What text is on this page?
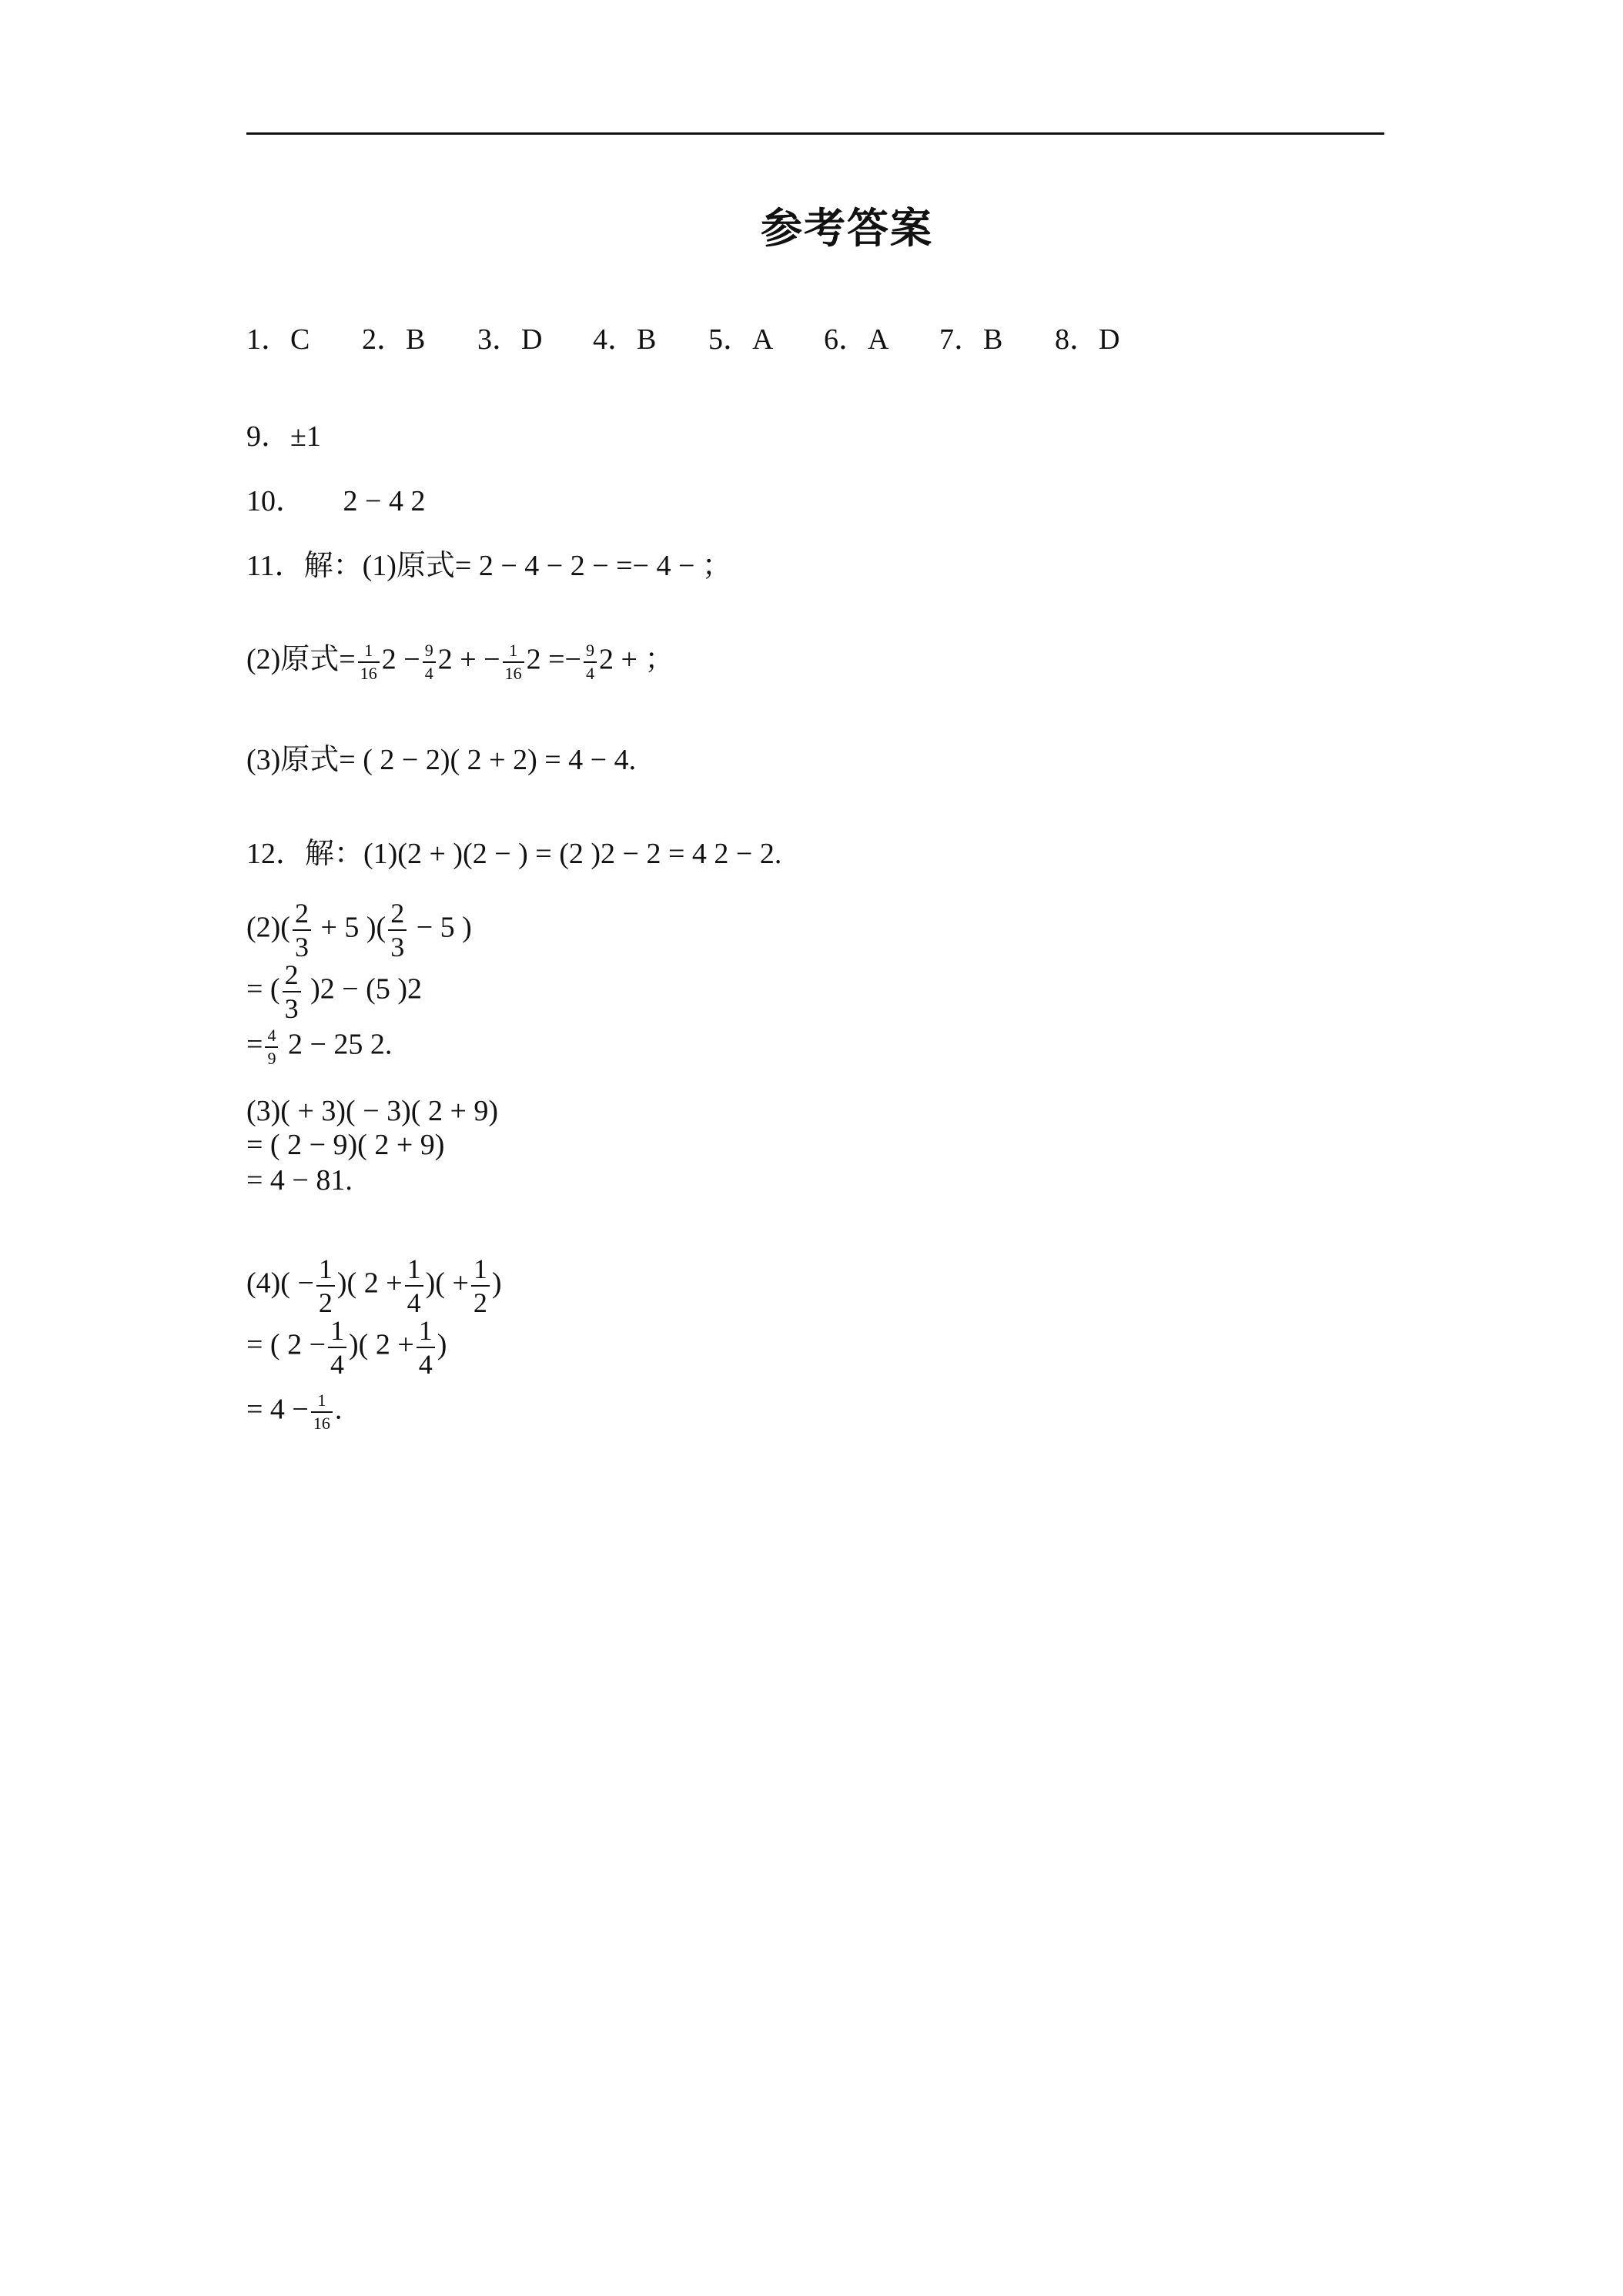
参考答案
1．C 2．B 3．D 4．B 5．A 6．A 7．B 8．D
9．±1
10． 2 − 4 2
11．解：(1)原式= 2 − 4 − 2 − =− 4 − ；
(2)原式= $\frac{1}{16} 2 - \frac{9}{4} 2$ + − $\frac{1}{16} 2 =- \frac{9}{4} 2$ + ；
(3)原式= ( 2 − 2)( 2 + 2) = 4 − 4.
12．解：(1)(2 + )(2 − ) = (2 )2 − 2 = 4 2 − 2.
$(2)( \frac{2}{3} + 5$ )( $\frac{2}{3} - 5$ )
= ( $\frac{2}{3} )2 - (5$ )2
= $\frac{4}{9} 2 - 25$ 2.
(3)( + 3)( − 3)( 2 + 9)
= ( 2 − 9)( 2 + 9)
= 4 − 81.
$(4)( - \frac{1}{2}$ )( $2 + \frac{1}{4}$ )( + $\frac{1}{2}$ )
= ( $2 - \frac{1}{4}$ )( $2 + \frac{1}{4}$ )
= $4 - \frac{1}{16}$ .
